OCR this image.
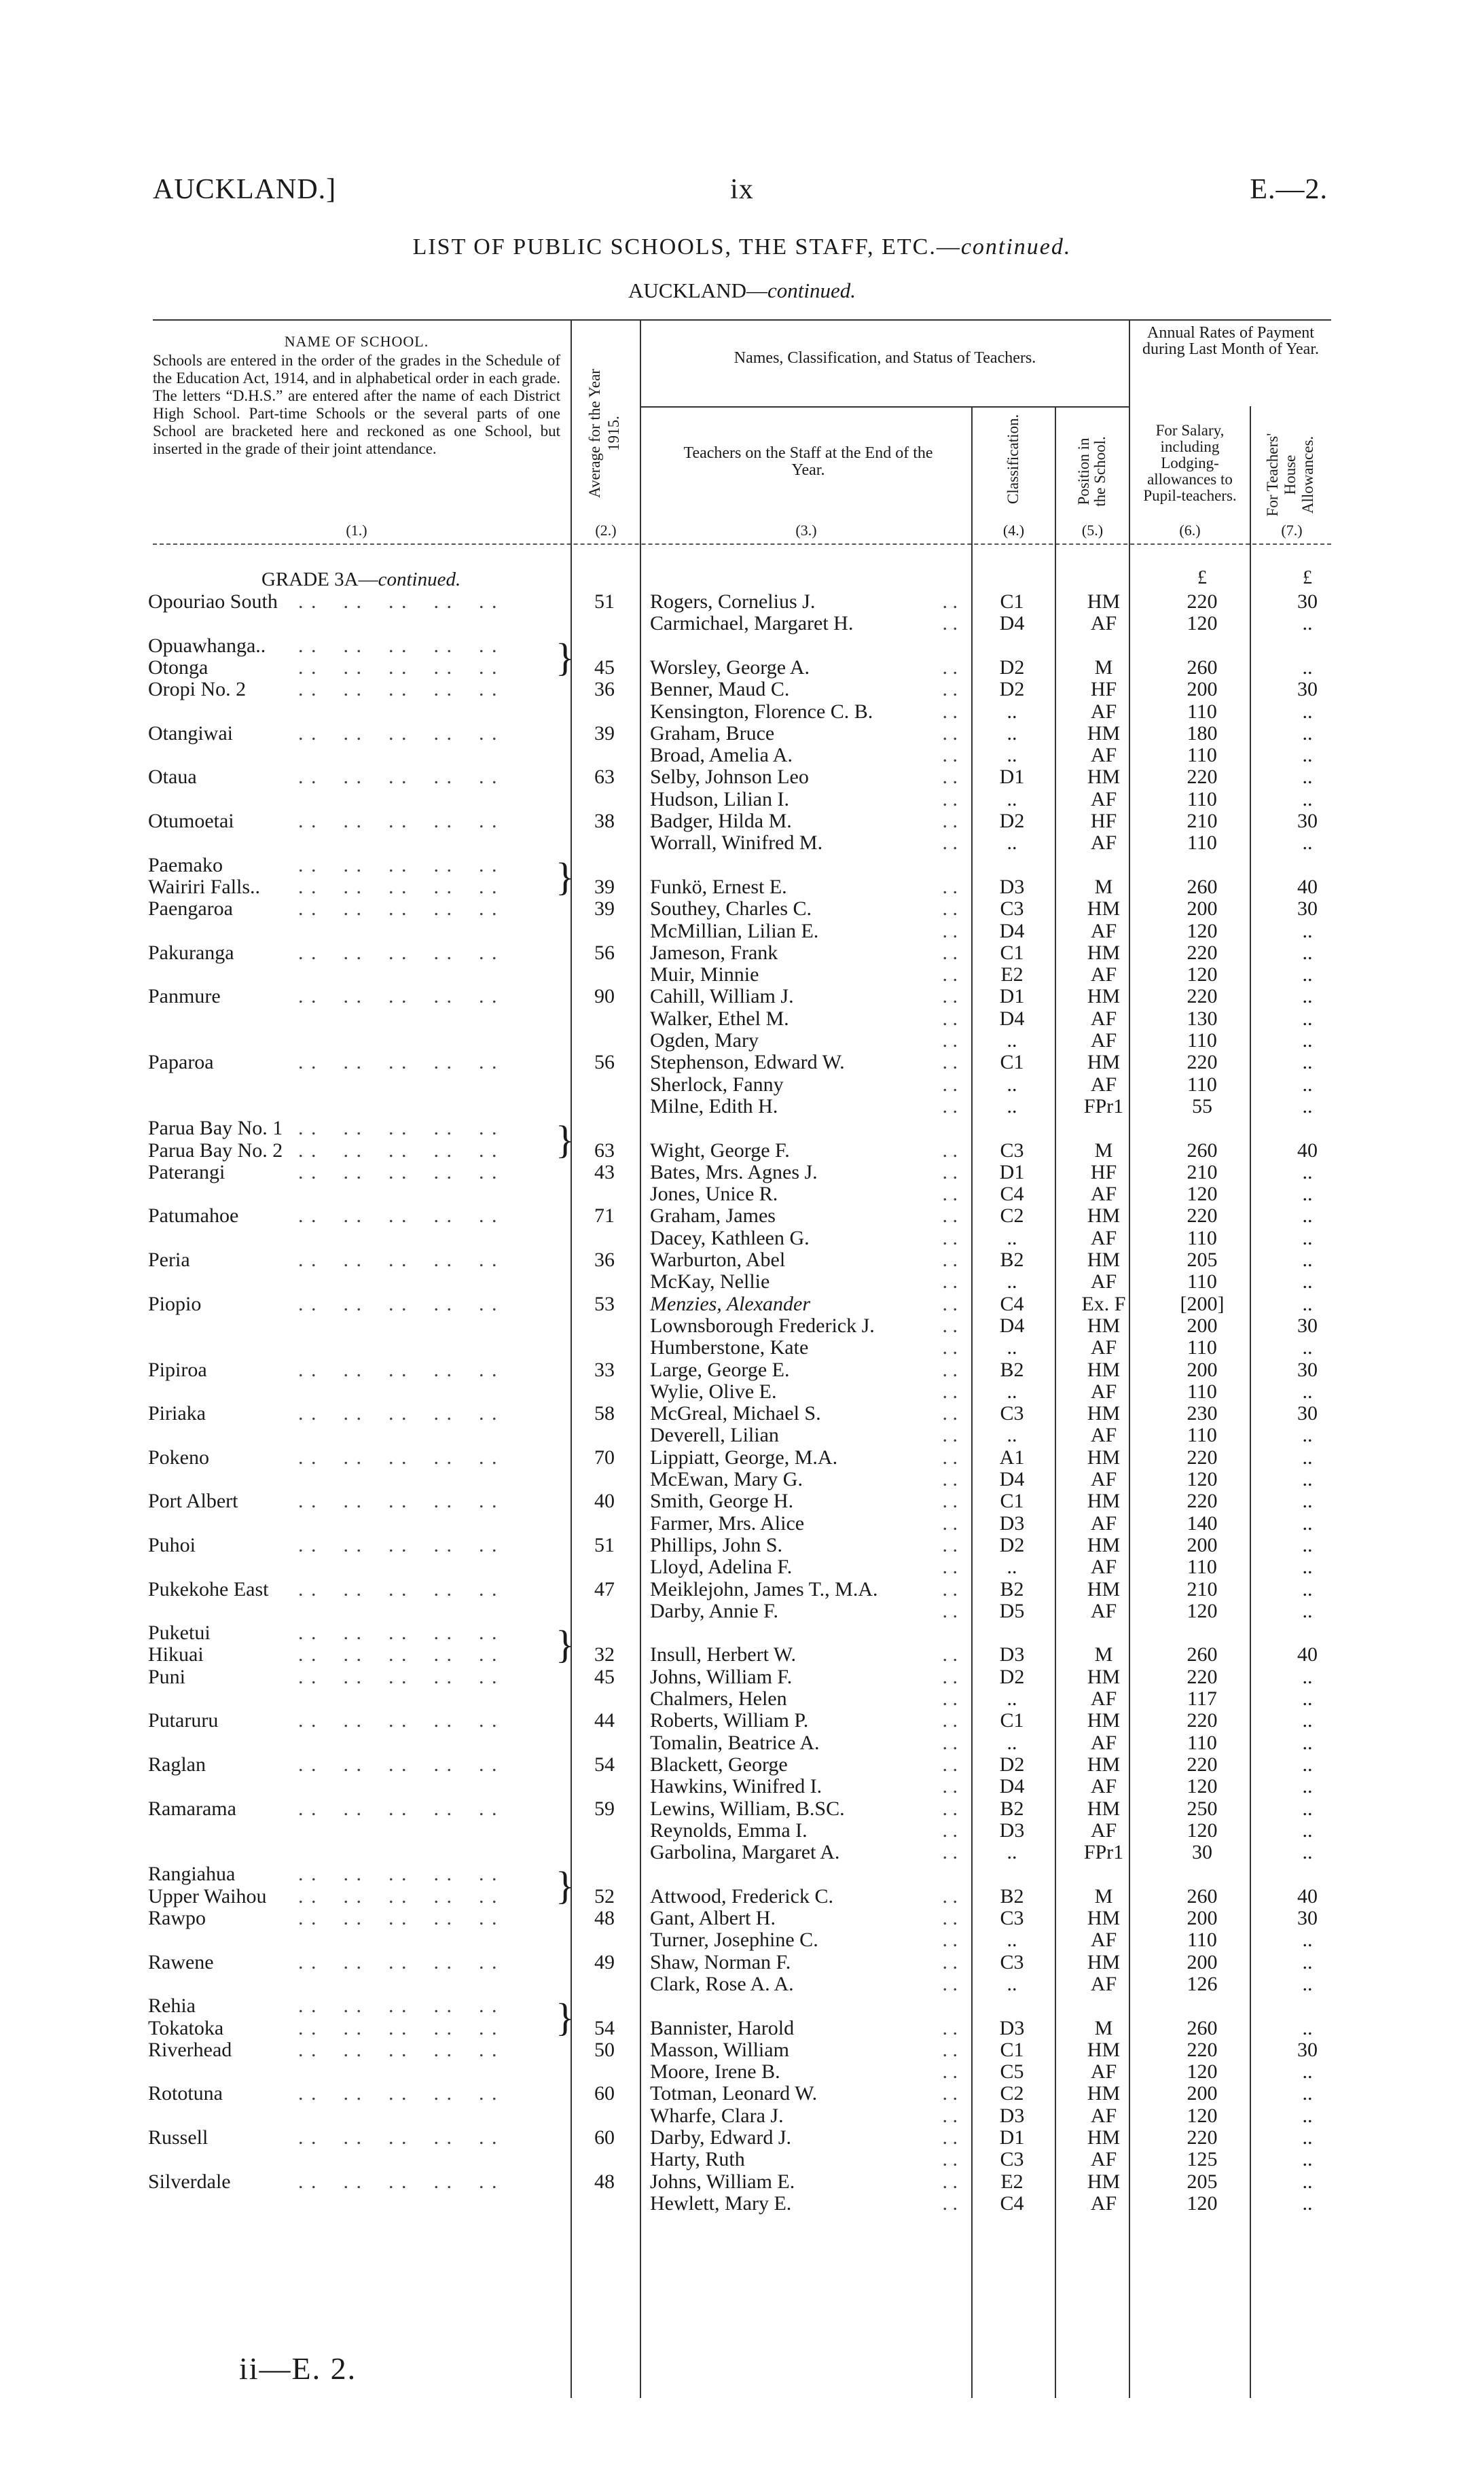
AUCKLAND.]	ix	E.—2.
LIST OF PUBLIC SCHOOLS, THE STAFF, ETC.—continued.
AUCKLAND—continued.
NAME OF SCHOOL.
Schools are entered in the order of the grades in the Schedule of the Education Act, 1914, and in alphabetical order in each grade. The letters “D.H.S.” are entered after the name of each District High School. Part-time Schools or the several parts of one School are bracketed here and reckoned as one School, but inserted in the grade of their joint attendance.
(1.)
Average for the Year 1915.
(2.)
Names, Classification, and Status of Teachers.
Teachers on the Staff at the End of the Year.
(3.)
Classification.
(4.)
Position in the School.
(5.)
Annual Rates of Payment during Last Month of Year.
For Salary, including Lodging-allowances to Pupil-teachers.
(6.)
For Teachers' House Allowances.
(7.)
GRADE 3A—continued.	£	£
Opouriao South . .    . .    . .    . .    . .	51	Rogers, Cornelius J.	. .	C1	HM	220	30
Carmichael, Margaret H.	. .	D4	AF	120	..
Opuawhanga.. . .    . .    . .    . .    . .
Otonga	. .    . .    . .    . .    . .	45	Worsley, George A.	. .	D2	M	260	..
Oropi No. 2 . .    . .    . .    . .    . .	36	Benner, Maud C.	. .	D2	HF	200	30
Kensington, Florence C. B.	. .	..	AF	110	..
Otangiwai	. .    . .    . .    . .    . .	39	Graham, Bruce	. .	..	HM	180	..
Broad, Amelia A.	. .	..	AF	110	..
Otaua	. .    . .    . .    . .    . .	63	Selby, Johnson Leo	. .	D1	HM	220	..
Hudson, Lilian I.	. .	..	AF	110	..
Otumoetai	. .    . .    . .    . .    . .	38	Badger, Hilda M.	. .	D2	HF	210	30
Worrall, Winifred M.	. .	..	AF	110	..
Paemako	. .    . .    . .    . .    . .
Wairiri Falls.. . .    . .    . .    . .    . .	39	Funkö, Ernest E.	. .	D3	M	260	40
Paengaroa	. .    . .    . .    . .    . .	39	Southey, Charles C.	. .	C3	HM	200	30
McMillian, Lilian E.	. .	D4	AF	120	..
Pakuranga	. .    . .    . .    . .    . .	56	Jameson, Frank	. .	C1	HM	220	..
Muir, Minnie	. .	E2	AF	120	..
Panmure	. .    . .    . .    . .    . .	90	Cahill, William J.	. .	D1	HM	220	..
Walker, Ethel M.	. .	D4	AF	130	..
Ogden, Mary	. .	..	AF	110	..
Paparoa	. .    . .    . .    . .    . .	56	Stephenson, Edward W.	. .	C1	HM	220	..
Sherlock, Fanny	. .	..	AF	110	..
Milne, Edith H.	. .	..	FPr1	55	..
Parua Bay No. 1 . .    . .    . .    . .    . .
Parua Bay No. 2 . .    . .    . .    . .    . .	63	Wight, George F.	. .	C3	M	260	40
Paterangi	. .    . .    . .    . .    . .	43	Bates, Mrs. Agnes J.	. .	D1	HF	210	..
Jones, Unice R.	. .	C4	AF	120	..
Patumahoe . .    . .    . .    . .    . .	71	Graham, James	. .	C2	HM	220	..
Dacey, Kathleen G.	. .	..	AF	110	..
Peria	. .    . .    . .    . .    . .	36	Warburton, Abel	. .	B2	HM	205	..
McKay, Nellie	. .	..	AF	110	..
Piopio	. .    . .    . .    . .    . .	53	Menzies, Alexander	. .	C4	Ex. F	[200]	..
Lownsborough Frederick J.	. .	D4	HM	200	30
Humberstone, Kate	. .	..	AF	110	..
Pipiroa	. .    . .    . .    . .    . .	33	Large, George E.	. .	B2	HM	200	30
Wylie, Olive E.	. .	..	AF	110	..
Piriaka	. .    . .    . .    . .    . .	58	McGreal, Michael S.	. .	C3	HM	230	30
Deverell, Lilian	. .	..	AF	110	..
Pokeno	. .    . .    . .    . .    . .	70	Lippiatt, George, M.A.	. .	A1	HM	220	..
McEwan, Mary G.	. .	D4	AF	120	..
Port Albert . .    . .    . .    . .    . .	40	Smith, George H.	. .	C1	HM	220	..
Farmer, Mrs. Alice	. .	D3	AF	140	..
Puhoi	. .    . .    . .    . .    . .	51	Phillips, John S.	. .	D2	HM	200	..
Lloyd, Adelina F.	. .	..	AF	110	..
Pukekohe East . .    . .    . .    . .    . .	47	Meiklejohn, James T., M.A.	. .	B2	HM	210	..
Darby, Annie F.	. .	D5	AF	120	..
Puketui	. .    . .    . .    . .    . .
Hikuai	. .    . .    . .    . .    . .	32	Insull, Herbert W.	. .	D3	M	260	40
Puni	. .    . .    . .    . .    . .	45	Johns, William F.	. .	D2	HM	220	..
Chalmers, Helen	. .	..	AF	117	..
Putaruru	. .    . .    . .    . .    . .	44	Roberts, William P.	. .	C1	HM	220	..
Tomalin, Beatrice A.	. .	..	AF	110	..
Raglan	. .    . .    . .    . .    . .	54	Blackett, George	. .	D2	HM	220	..
Hawkins, Winifred I.	. .	D4	AF	120	..
Ramarama . .    . .    . .    . .    . .	59	Lewins, William, B.SC.	. .	B2	HM	250	..
Reynolds, Emma I.	. .	D3	AF	120	..
Garbolina, Margaret A.	. .	..	FPr1	30	..
Rangiahua . .    . .    . .    . .    . .
Upper Waihou . .    . .    . .    . .    . .	52	Attwood, Frederick C.	. .	B2	M	260	40
Rawpo	. .    . .    . .    . .    . .	48	Gant, Albert H.	. .	C3	HM	200	30
Turner, Josephine C.	. .	..	AF	110	..
Rawene	. .    . .    . .    . .    . .	49	Shaw, Norman F.	. .	C3	HM	200	..
Clark, Rose A. A.	. .	..	AF	126	..
Rehia	. .    . .    . .    . .    . .
Tokatoka	. .    . .    . .    . .    . .	54	Bannister, Harold	. .	D3	M	260	..
Riverhead	. .    . .    . .    . .    . .	50	Masson, William	. .	C1	HM	220	30
Moore, Irene B.	. .	C5	AF	120	..
Rototuna	. .    . .    . .    . .    . .	60	Totman, Leonard W.	. .	C2	HM	200	..
Wharfe, Clara J.	. .	D3	AF	120	..
Russell	. .    . .    . .    . .    . .	60	Darby, Edward J.	. .	D1	HM	220	..
Harty, Ruth	. .	C3	AF	125	..
Silverdale	. .    . .    . .    . .    . .	48	Johns, William E.	. .	E2	HM	205	..
Hewlett, Mary E.	. .	C4	AF	120	..
}
}
}
}
}
}
ii—E. 2.
